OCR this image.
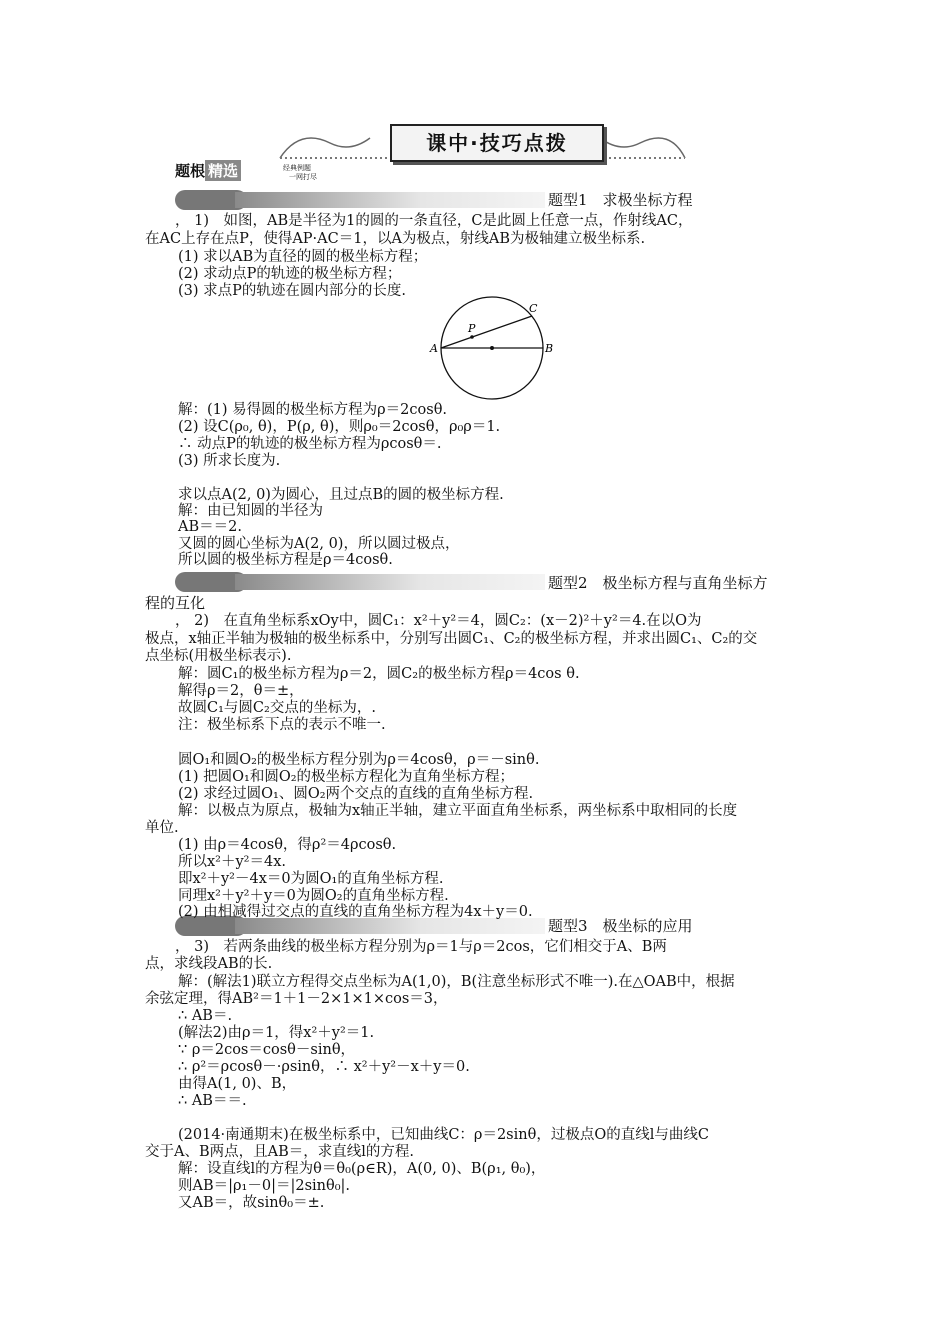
课中·技巧点拨
题根 精选	经典例题
一网打尽
题型1　求极坐标方程
题型2　极坐标方程与直角坐标方
程的互化
题型3　极坐标的应用
A	B
C
P
， 1)　如图，AB是半径为1的圆的一条直径，C是此圆上任意一点，作射线AC，
在AC上存在点P，使得AP·AC＝1，以A为极点，射线AB为极轴建立极坐标系.
(1) 求以AB为直径的圆的极坐标方程；
(2) 求动点P的轨迹的极坐标方程；
(3) 求点P的轨迹在圆内部分的长度.
解：(1) 易得圆的极坐标方程为ρ＝2cosθ.
(2) 设C(ρ₀, θ)，P(ρ, θ)，则ρ₀＝2cosθ，ρ₀ρ＝1.
∴ 动点P的轨迹的极坐标方程为ρcosθ＝.
(3) 所求长度为.
求以点A(2, 0)为圆心，且过点B的圆的极坐标方程.
解：由已知圆的半径为
AB＝＝2.
又圆的圆心坐标为A(2, 0)，所以圆过极点，
所以圆的极坐标方程是ρ＝4cosθ.
， 2)　在直角坐标系xOy中，圆C₁：x²＋y²＝4，圆C₂：(x－2)²＋y²＝4.在以O为
极点，x轴正半轴为极轴的极坐标系中，分别写出圆C₁、C₂的极坐标方程，并求出圆C₁、C₂的交
点坐标(用极坐标表示).
解：圆C₁的极坐标方程为ρ＝2，圆C₂的极坐标方程ρ＝4cos θ.
解得ρ＝2，θ＝±，
故圆C₁与圆C₂交点的坐标为，.
注：极坐标系下点的表示不唯一.
圆O₁和圆O₂的极坐标方程分别为ρ＝4cosθ，ρ＝－sinθ.
(1) 把圆O₁和圆O₂的极坐标方程化为直角坐标方程；
(2) 求经过圆O₁、圆O₂两个交点的直线的直角坐标方程.
解：以极点为原点，极轴为x轴正半轴，建立平面直角坐标系，两坐标系中取相同的长度
单位.
(1) 由ρ＝4cosθ，得ρ²＝4ρcosθ.
所以x²＋y²＝4x.
即x²＋y²－4x＝0为圆O₁的直角坐标方程.
同理x²＋y²＋y＝0为圆O₂的直角坐标方程.
(2) 由相减得过交点的直线的直角坐标方程为4x＋y＝0.
， 3)　若两条曲线的极坐标方程分别为ρ＝1与ρ＝2cos，它们相交于A、B两
点，求线段AB的长.
解：(解法1)联立方程得交点坐标为A(1,0)，B(注意坐标形式不唯一).在△OAB中，根据
余弦定理，得AB²＝1＋1－2×1×1×cos＝3，
∴ AB＝.
(解法2)由ρ＝1，得x²＋y²＝1.
∵ ρ＝2cos＝cosθ－sinθ，
∴ ρ²＝ρcosθ－·ρsinθ，∴ x²＋y²－x＋y＝0.
由得A(1, 0)、B，
∴ AB＝＝.
(2014·南通期末)在极坐标系中，已知曲线C：ρ＝2sinθ，过极点O的直线l与曲线C
交于A、B两点，且AB＝，求直线l的方程.
解：设直线l的方程为θ＝θ₀(ρ∈R)，A(0, 0)、B(ρ₁, θ₀)，
则AB＝|ρ₁－0|＝|2sinθ₀|.
又AB＝，故sinθ₀＝±.
